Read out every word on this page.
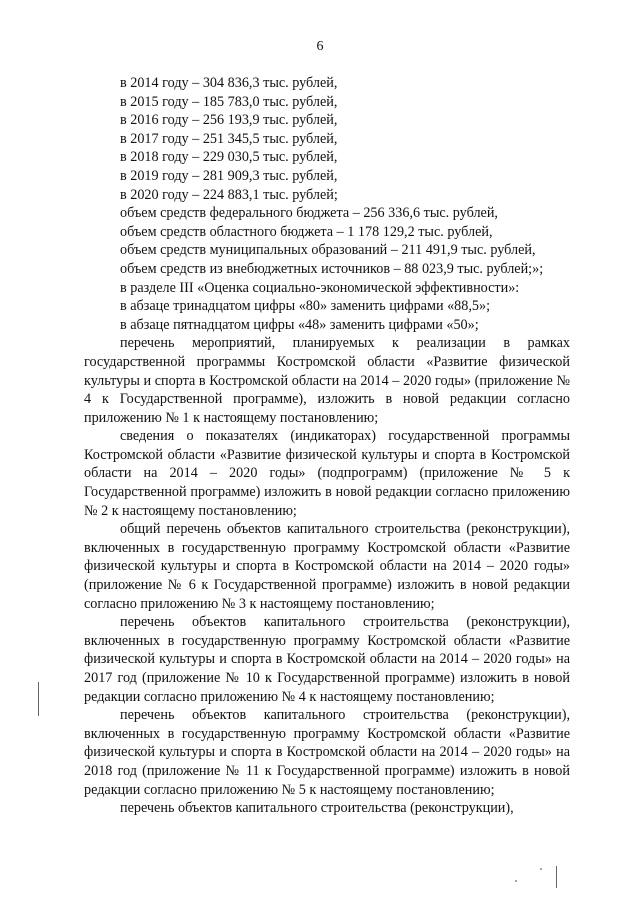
6
в 2014 году – 304 836,3 тыс. рублей,
в 2015 году – 185 783,0 тыс. рублей,
в 2016 году – 256 193,9 тыс. рублей,
в 2017 году – 251 345,5 тыс. рублей,
в 2018 году – 229 030,5 тыс. рублей,
в 2019 году – 281 909,3 тыс. рублей,
в 2020 году – 224 883,1 тыс. рублей;
объем средств федерального бюджета – 256 336,6 тыс. рублей,
объем средств областного бюджета – 1 178 129,2 тыс. рублей,
объем средств муниципальных образований – 211 491,9 тыс. рублей,

объем средств из внебюджетных источников – 88 023,9 тыс. рублей;»;

в разделе III «Оценка социально-экономической эффективности»:

в абзаце тринадцатом цифры «80» заменить цифрами «88,5»;

в абзаце пятнадцатом цифры «48» заменить цифрами «50»;

перечень мероприятий, планируемых к реализации в рамках государственной программы Костромской области «Развитие физической культуры и спорта в Костромской области на 2014 – 2020 годы» (приложение № 4 к Государственной программе), изложить в новой редакции согласно приложению № 1 к настоящему постановлению;

сведения о показателях (индикаторах) государственной программы Костромской области «Развитие физической культуры и спорта в Костромской области на 2014 – 2020 годы» (подпрограмм) (приложение № 5 к Государственной программе) изложить в новой редакции согласно приложению № 2 к настоящему постановлению;

общий перечень объектов капитального строительства (реконструкции), включенных в государственную программу Костромской области «Развитие физической культуры и спорта в Костромской области на 2014 – 2020 годы» (приложение № 6 к Государственной программе) изложить в новой редакции согласно приложению № 3 к настоящему постановлению;

перечень объектов капитального строительства (реконструкции), включенных в государственную программу Костромской области «Развитие физической культуры и спорта в Костромской области на 2014 – 2020 годы» на 2017 год (приложение № 10 к Государственной программе) изложить в новой редакции согласно приложению № 4 к настоящему постановлению;

перечень объектов капитального строительства (реконструкции), включенных в государственную программу Костромской области «Развитие физической культуры и спорта в Костромской области на 2014 – 2020 годы» на 2018 год (приложение № 11 к Государственной программе) изложить в новой редакции согласно приложению № 5 к настоящему постановлению;

перечень объектов капитального строительства (реконструкции),
